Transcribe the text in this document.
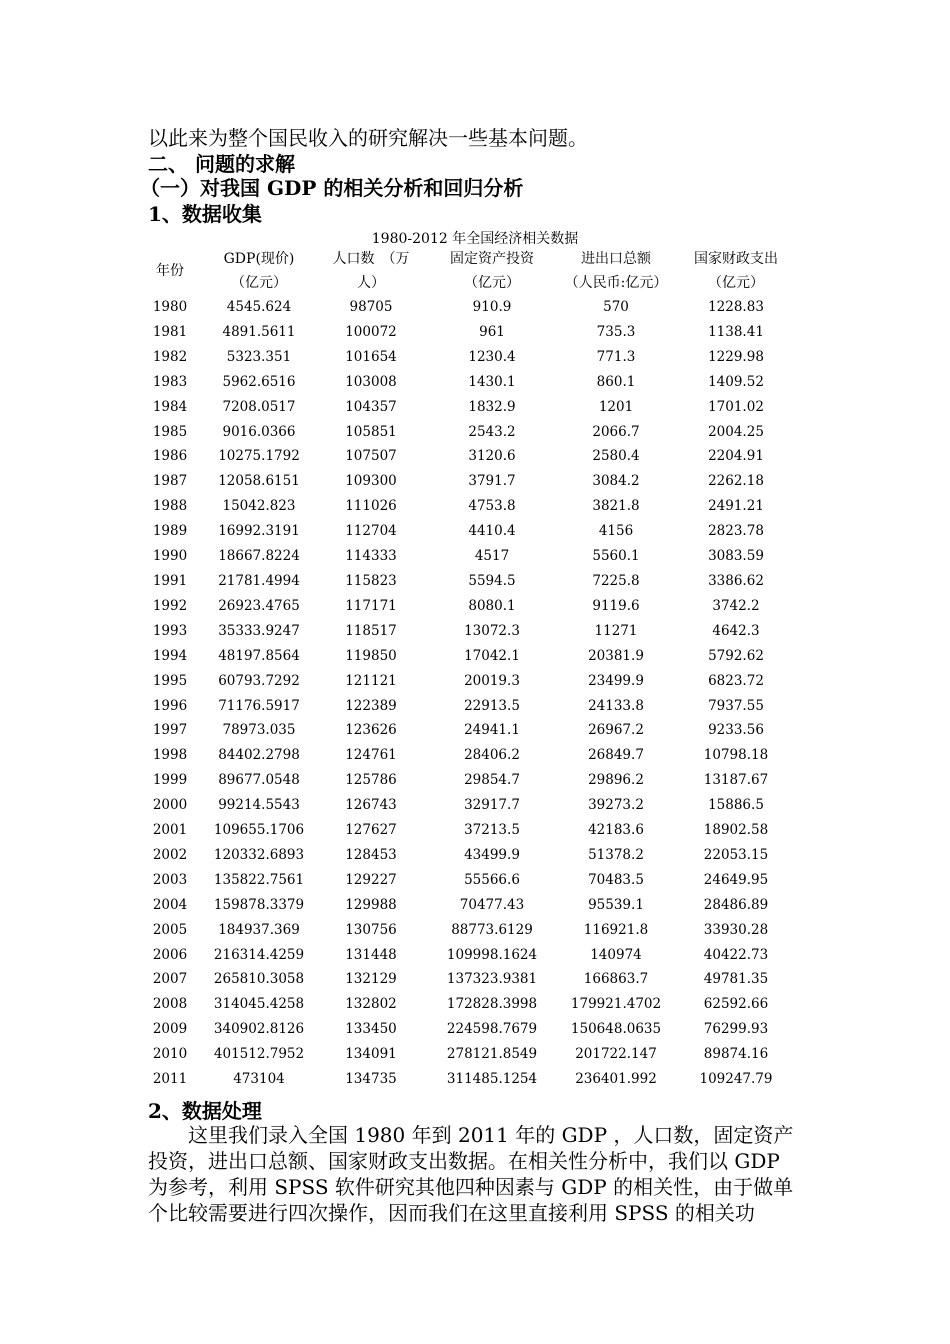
以此来为整个国民收入的研究解决一些基本问题。
二、 问题的求解
（一）对我国 GDP 的相关分析和回归分析
1、数据收集
1980-2012 年全国经济相关数据
年份	GDP(现价)	人口数　（万	固定资产投资	进出口总额	国家财政支出
	（亿元）	人）	（亿元）	（人民币:亿元）	（亿元）
1980	4545.624	98705	910.9	570	1228.83
1981	4891.5611	100072	961	735.3	1138.41
1982	5323.351	101654	1230.4	771.3	1229.98
1983	5962.6516	103008	1430.1	860.1	1409.52
1984	7208.0517	104357	1832.9	1201	1701.02
1985	9016.0366	105851	2543.2	2066.7	2004.25
1986	10275.1792	107507	3120.6	2580.4	2204.91
1987	12058.6151	109300	3791.7	3084.2	2262.18
1988	15042.823	111026	4753.8	3821.8	2491.21
1989	16992.3191	112704	4410.4	4156	2823.78
1990	18667.8224	114333	4517	5560.1	3083.59
1991	21781.4994	115823	5594.5	7225.8	3386.62
1992	26923.4765	117171	8080.1	9119.6	3742.2
1993	35333.9247	118517	13072.3	11271	4642.3
1994	48197.8564	119850	17042.1	20381.9	5792.62
1995	60793.7292	121121	20019.3	23499.9	6823.72
1996	71176.5917	122389	22913.5	24133.8	7937.55
1997	78973.035	123626	24941.1	26967.2	9233.56
1998	84402.2798	124761	28406.2	26849.7	10798.18
1999	89677.0548	125786	29854.7	29896.2	13187.67
2000	99214.5543	126743	32917.7	39273.2	15886.5
2001	109655.1706	127627	37213.5	42183.6	18902.58
2002	120332.6893	128453	43499.9	51378.2	22053.15
2003	135822.7561	129227	55566.6	70483.5	24649.95
2004	159878.3379	129988	70477.43	95539.1	28486.89
2005	184937.369	130756	88773.6129	116921.8	33930.28
2006	216314.4259	131448	109998.1624	140974	40422.73
2007	265810.3058	132129	137323.9381	166863.7	49781.35
2008	314045.4258	132802	172828.3998	179921.4702	62592.66
2009	340902.8126	133450	224598.7679	150648.0635	76299.93
2010	401512.7952	134091	278121.8549	201722.147	89874.16
2011	473104	134735	311485.1254	236401.992	109247.79
2、数据处理
　　这里我们录入全国 1980 年到 2011 年的 GDP ，人口数，固定资产
投资，进出口总额、国家财政支出数据。在相关性分析中，我们以 GDP
为参考，利用 SPSS 软件研究其他四种因素与 GDP 的相关性，由于做单
个比较需要进行四次操作，因而我们在这里直接利用 SPSS 的相关功
